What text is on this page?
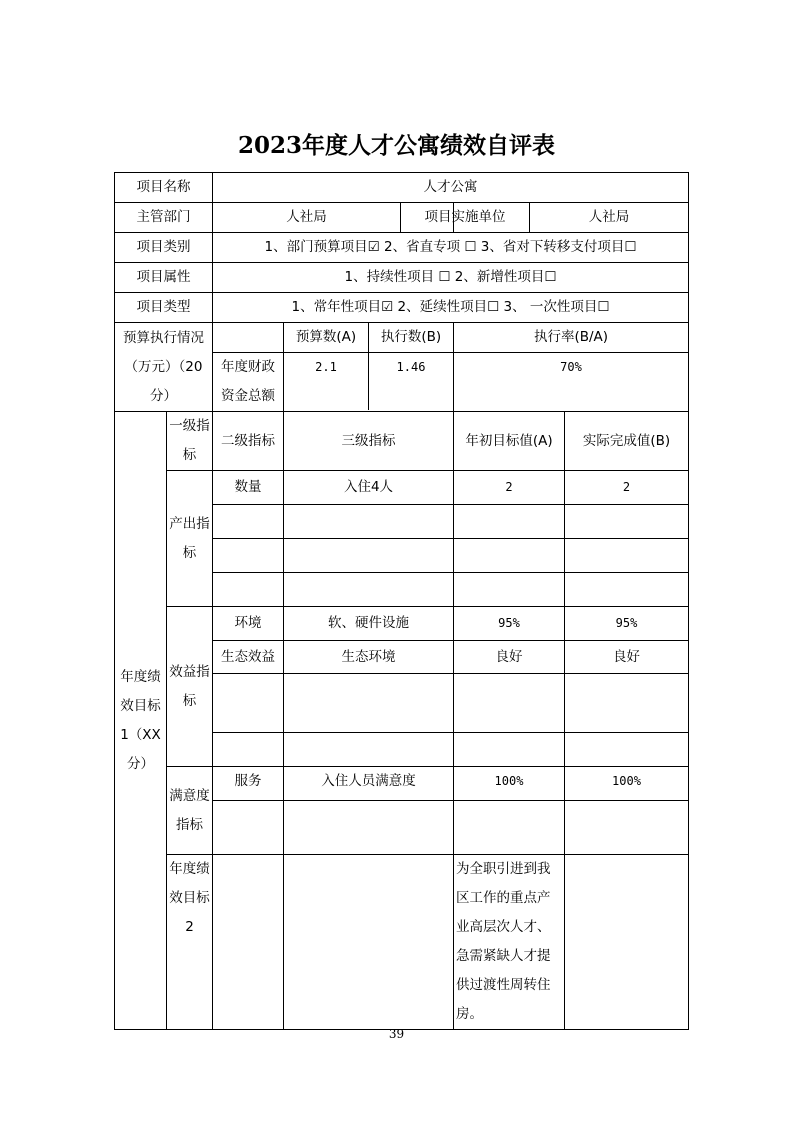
2023年度人才公寓绩效自评表
项目名称		人才公寓				
主管部门		人社局		项目实施单位 人社局		

项目类别		1、部门预算项目☑ 2、省直专项 ☐ 3、省对下转移支付项目☐				
项目属性		1、持续性项目 ☐ 2、新增性项目☐				
项目类型		1、常年性项目☑ 2、延续性项目☐ 3、 一次性项目☐				
预算执行情况（万元）（20分）			预算数(A) 执行数(B)	执行率(B/A)		
		年度财政资金总额	2.1 1.46	70%		
年度绩效目标1（XX分）	一级指标	二级指标	三级指标	年初目标值(A)	实际完成值(B)	
	产出指标	数量	入住4人	2	2	

	效益指标	环境	软、硬件设施	95%	95%	
		生态效益	生态环境	良好	良好	

	满意度指标	服务	入住人员满意度	100%	100%	

	年度绩效目标2			为全职引进到我区工作的重点产业高层次人才、急需紧缺人才提供过渡性周转住房。		
39
